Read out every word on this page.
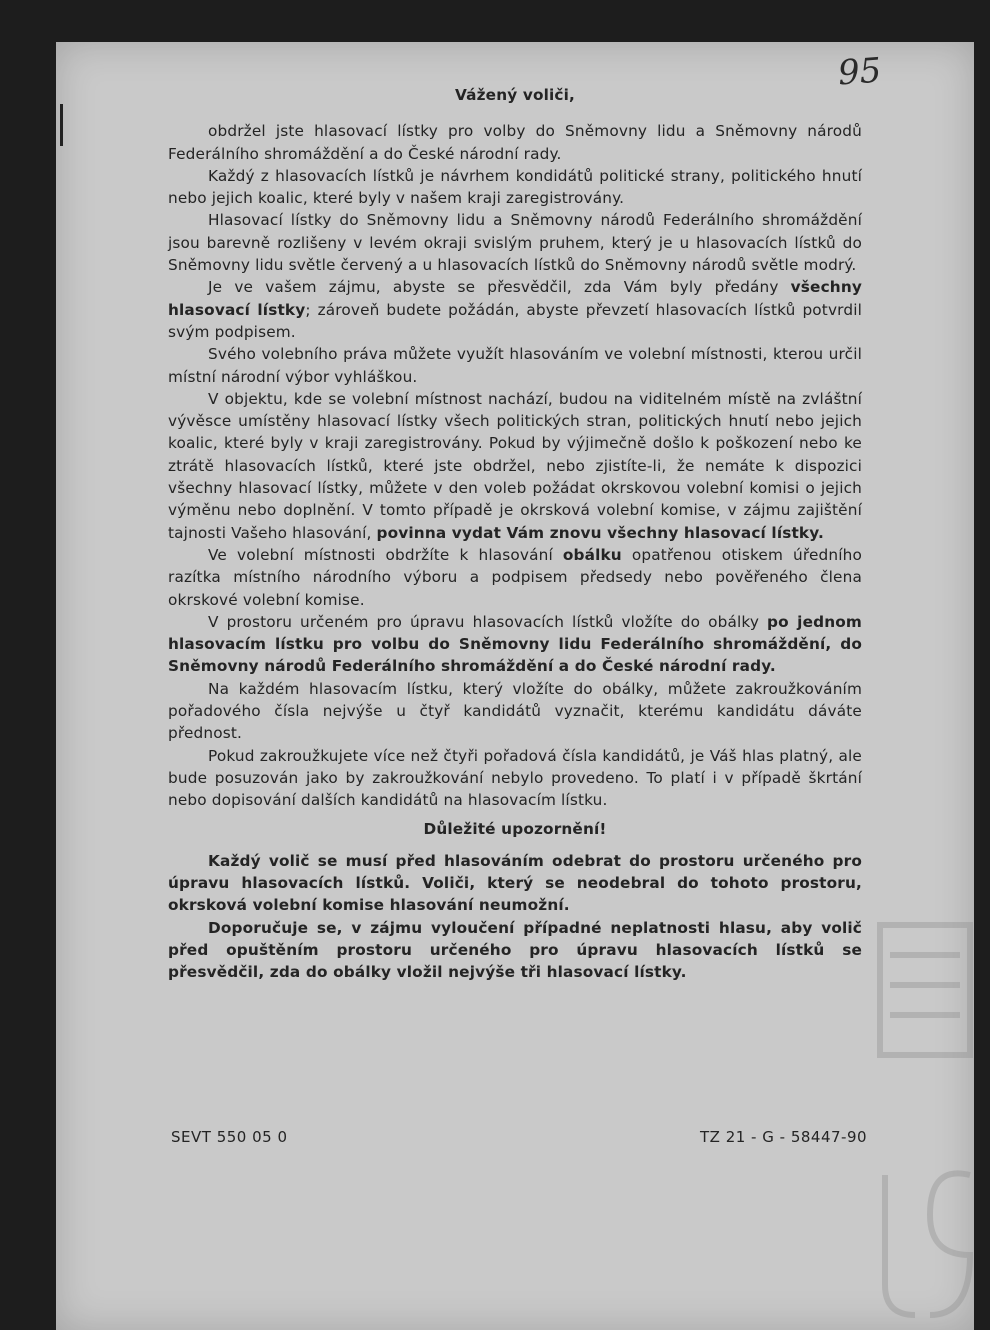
95
Vážený voliči,

obdržel jste hlasovací lístky pro volby do Sněmovny lidu a Sněmovny národů Federálního shromáždění a do České národní rady.

Každý z hlasovacích lístků je návrhem kondidátů politické strany, politického hnutí nebo jejich koalic, které byly v našem kraji zaregistrovány.

Hlasovací lístky do Sněmovny lidu a Sněmovny národů Federálního shromáždění jsou barevně rozlišeny v levém okraji svislým pruhem, který je u hlasovacích lístků do Sněmovny lidu světle červený a u hlasovacích lístků do Sněmovny národů světle modrý.

Je ve vašem zájmu, abyste se přesvědčil, zda Vám byly předány všechny hlasovací lístky; zároveň budete požádán, abyste převzetí hlasovacích lístků potvrdil svým podpisem.

Svého volebního práva můžete využít hlasováním ve volební místnosti, kterou určil místní národní výbor vyhláškou.

V objektu, kde se volební místnost nachází, budou na viditelném místě na zvláštní vývěsce umístěny hlasovací lístky všech politických stran, politických hnutí nebo jejich koalic, které byly v kraji zaregistrovány. Pokud by výjimečně došlo k poškození nebo ke ztrátě hlasovacích lístků, které jste obdržel, nebo zjistíte-li, že nemáte k dispozici všechny hlasovací lístky, můžete v den voleb požádat okrskovou volební komisi o jejich výměnu nebo doplnění. V tomto případě je okrsková volební komise, v zájmu zajištění tajnosti Vašeho hlasování, povinna vydat Vám znovu všechny hlasovací lístky.

Ve volební místnosti obdržíte k hlasování obálku opatřenou otiskem úředního razítka místního národního výboru a podpisem předsedy nebo pověřeného člena okrskové volební komise.

V prostoru určeném pro úpravu hlasovacích lístků vložíte do obálky po jednom hlasovacím lístku pro volbu do Sněmovny lidu Federálního shromáždění, do Sněmovny národů Federálního shromáždění a do České národní rady.

Na každém hlasovacím lístku, který vložíte do obálky, můžete zakroužkováním pořadového čísla nejvýše u čtyř kandidátů vyznačit, kterému kandidátu dáváte přednost.

Pokud zakroužkujete více než čtyři pořadová čísla kandidátů, je Váš hlas platný, ale bude posuzován jako by zakroužkování nebylo provedeno. To platí i v případě škrtání nebo dopisování dalších kandidátů na hlasovacím lístku.

Důležité upozornění!

Každý volič se musí před hlasováním odebrat do prostoru určeného pro úpravu hlasovacích lístků. Voliči, který se neodebral do tohoto prostoru, okrsková volební komise hlasování neumožní.

Doporučuje se, v zájmu vyloučení případné neplatnosti hlasu, aby volič před opuštěním prostoru určeného pro úpravu hlasovacích lístků se přesvědčil, zda do obálky vložil nejvýše tři hlasovací lístky.

SEVT 550 05 0	TZ 21 - G - 58447-90
